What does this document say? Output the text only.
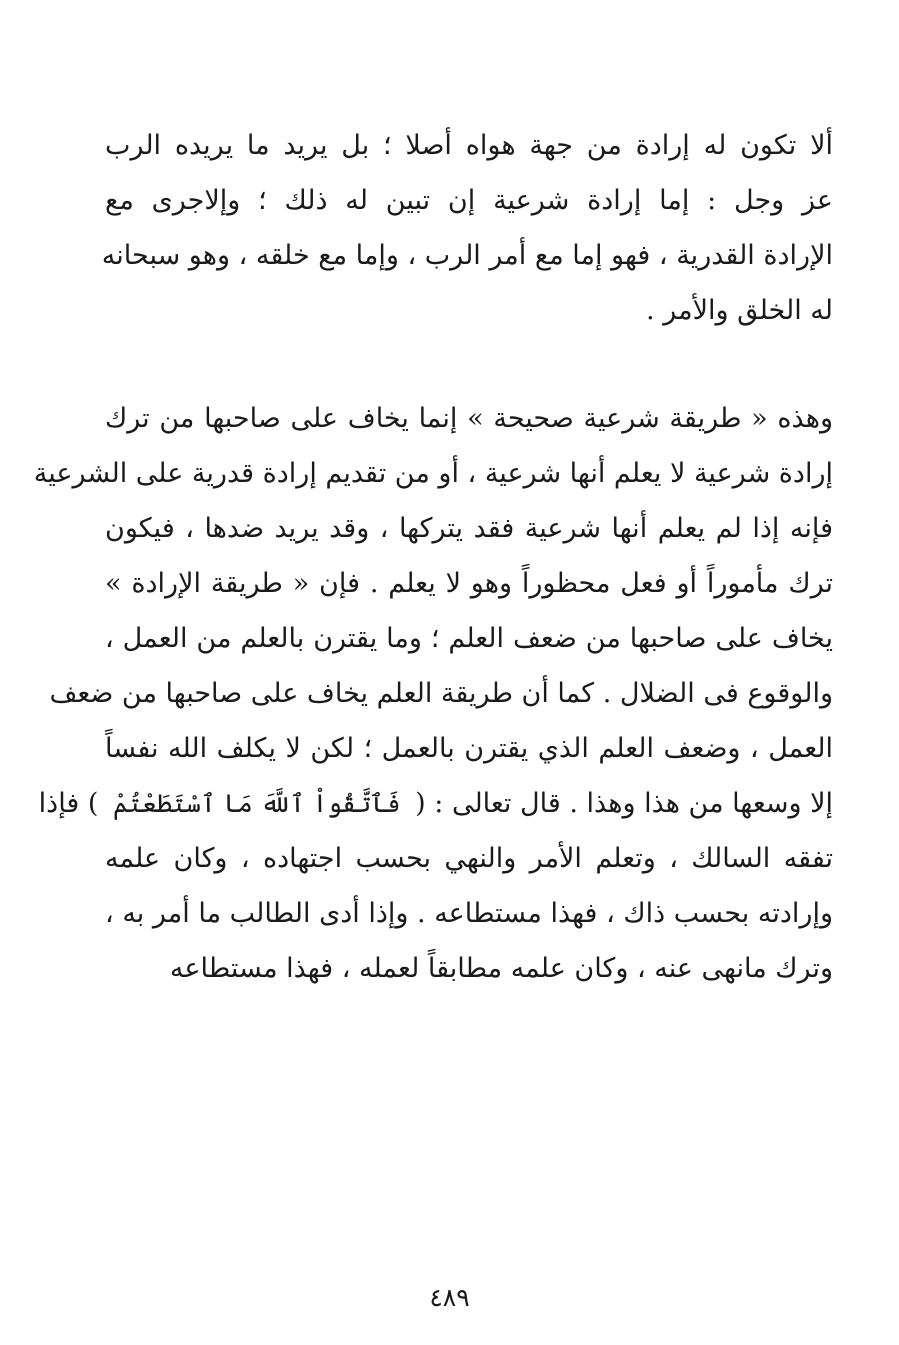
ألا تكون له إرادة من جهة هواه أصلا ؛ بل يريد ما يريده الرب
عز وجل : إما إرادة شرعية إن تبين له ذلك ؛ وإلاجرى مع
الإرادة القدرية ، فهو إما مع أمر الرب ، وإما مع خلقه ، وهو سبحانه
له الخلق والأمر .
وهذه « طريقة شرعية صحيحة » إنما يخاف على صاحبها من ترك
إرادة شرعية لا يعلم أنها شرعية ، أو من تقديم إرادة قدرية على الشرعية
فإنه إذا لم يعلم أنها شرعية فقد يتركها ، وقد يريد ضدها ، فيكون
ترك مأموراً أو فعل محظوراً وهو لا يعلم . فإن « طريقة الإرادة »
يخاف على صاحبها من ضعف العلم ؛ وما يقترن بالعلم من العمل ،
والوقوع فى الضلال . كما أن طريقة العلم يخاف على صاحبها من ضعف
العمل ، وضعف العلم الذي يقترن بالعمل ؛ لكن لا يكلف الله نفساً
إلا وسعها من هذا وهذا . قال تعالى : ( فَٱتَّقُواْ ٱللَّهَ مَا ٱسْتَطَعْتُمْ ) فإذا
تفقه السالك ، وتعلم الأمر والنهي بحسب اجتهاده ، وكان علمه
وإرادته بحسب ذاك ، فهذا مستطاعه . وإذا أدى الطالب ما أمر به ،
وترك مانهى عنه ، وكان علمه مطابقاً لعمله ، فهذا مستطاعه
٤٨٩
